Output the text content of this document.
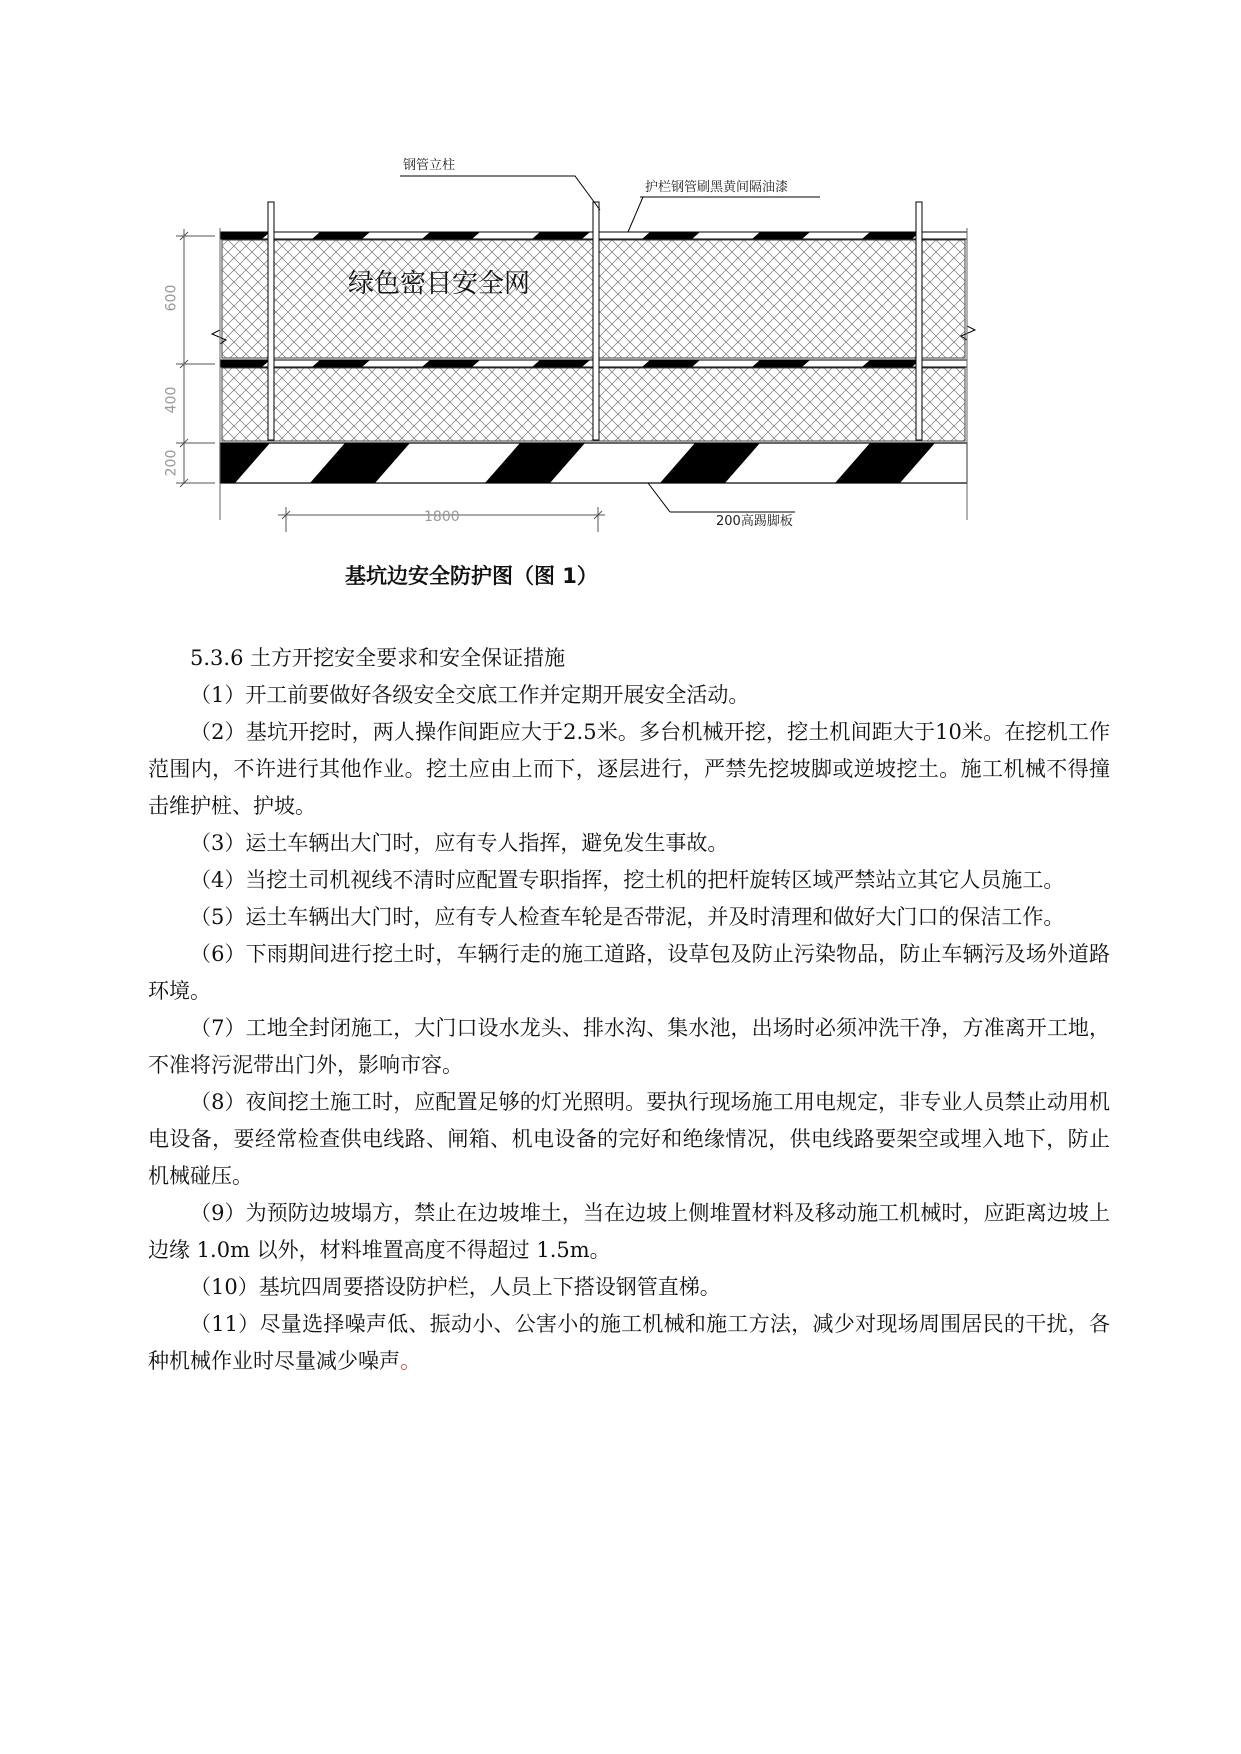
钢管立柱
护栏钢管刷黑黄间隔油漆
绿色密目安全网
200高踢脚板
600
400
200
1800
基坑边安全防护图（图 1）

5.3.6 土方开挖安全要求和安全保证措施

（1）开工前要做好各级安全交底工作并定期开展安全活动。

（2）基坑开挖时，两人操作间距应大于2.5米。多台机械开挖，挖土机间距大于10米。在挖机工作范围内，不许进行其他作业。挖土应由上而下，逐层进行，严禁先挖坡脚或逆坡挖土。施工机械不得撞击维护桩、护坡。

（3）运土车辆出大门时，应有专人指挥，避免发生事故。

（4）当挖土司机视线不清时应配置专职指挥，挖土机的把杆旋转区域严禁站立其它人员施工。

（5）运土车辆出大门时，应有专人检查车轮是否带泥，并及时清理和做好大门口的保洁工作。

（6）下雨期间进行挖土时，车辆行走的施工道路，设草包及防止污染物品，防止车辆污及场外道路环境。

（7）工地全封闭施工，大门口设水龙头、排水沟、集水池，出场时必须冲洗干净，方准离开工地，不准将污泥带出门外，影响市容。

（8）夜间挖土施工时，应配置足够的灯光照明。要执行现场施工用电规定，非专业人员禁止动用机电设备，要经常检查供电线路、闸箱、机电设备的完好和绝缘情况，供电线路要架空或埋入地下，防止机械碰压。

（9）为预防边坡塌方，禁止在边坡堆土，当在边坡上侧堆置材料及移动施工机械时，应距离边坡上边缘 1.0m 以外，材料堆置高度不得超过 1.5m。

（10）基坑四周要搭设防护栏，人员上下搭设钢管直梯。

（11）尽量选择噪声低、振动小、公害小的施工机械和施工方法，减少对现场周围居民的干扰，各种机械作业时尽量减少噪声。
